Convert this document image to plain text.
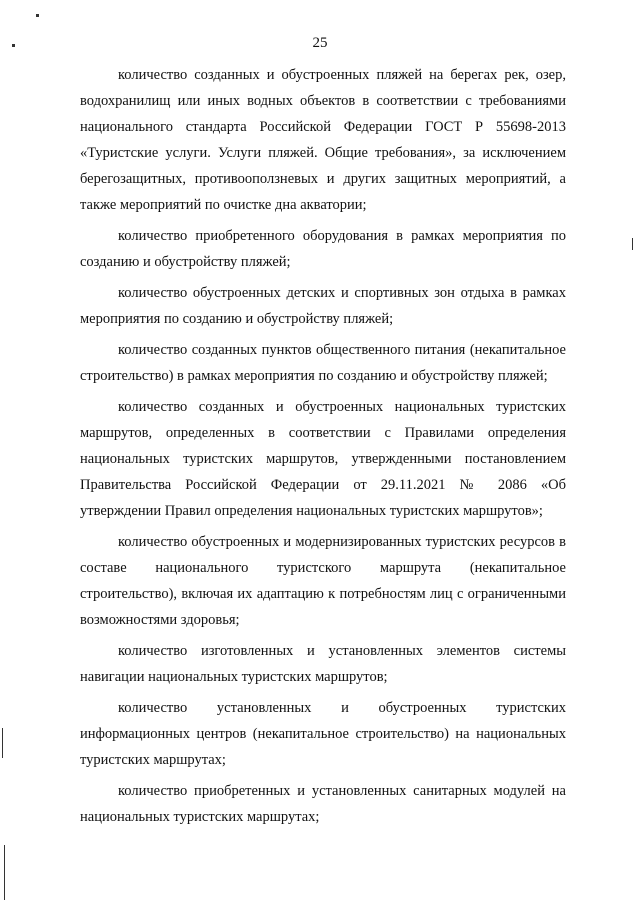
25

количество созданных и обустроенных пляжей на берегах рек, озер, водохранилищ или иных водных объектов в соответствии с требованиями национального стандарта Российской Федерации ГОСТ Р 55698-2013 «Туристские услуги. Услуги пляжей. Общие требования», за исключением берегозащитных, противооползневых и других защитных мероприятий, а также мероприятий по очистке дна акватории;

количество приобретенного оборудования в рамках мероприятия по созданию и обустройству пляжей;

количество обустроенных детских и спортивных зон отдыха в рамках мероприятия по созданию и обустройству пляжей;

количество созданных пунктов общественного питания (некапитальное строительство) в рамках мероприятия по созданию и обустройству пляжей;

количество созданных и обустроенных национальных туристских маршрутов, определенных в соответствии с Правилами определения национальных туристских маршрутов, утвержденными постановлением Правительства Российской Федерации от 29.11.2021 № 2086 «Об утверждении Правил определения национальных туристских маршрутов»;

количество обустроенных и модернизированных туристских ресурсов в составе национального туристского маршрута (некапитальное строительство), включая их адаптацию к потребностям лиц с ограниченными возможностями здоровья;

количество изготовленных и установленных элементов системы навигации национальных туристских маршрутов;

количество установленных и обустроенных туристских информационных центров (некапитальное строительство) на национальных туристских маршрутах;

количество приобретенных и установленных санитарных модулей на национальных туристских маршрутах;
